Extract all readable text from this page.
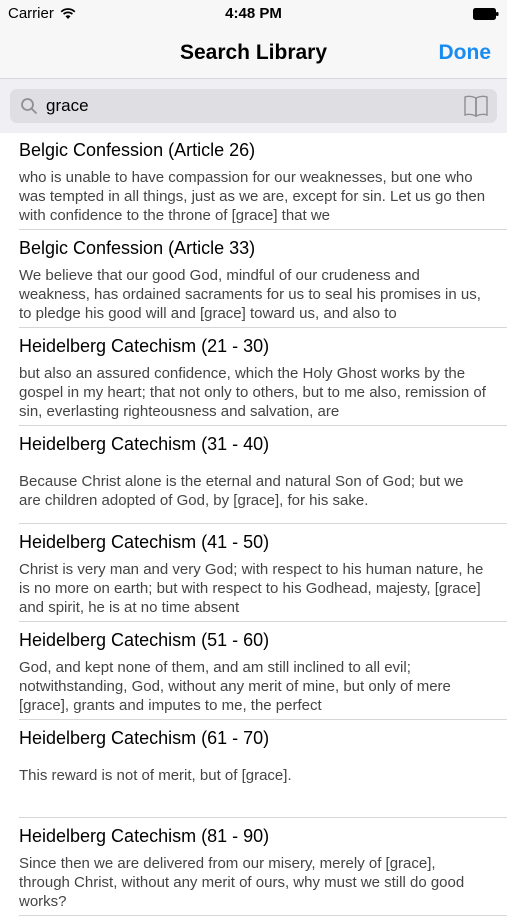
Carrier	4:48 PM
Search Library	Done
grace
Belgic Confession (Article 26)
who is unable to have compassion for our weaknesses, but one who was tempted in all things, just as we are, except for sin. Let us go then with confidence to the throne of [grace] that we
Belgic Confession (Article 33)
We believe that our good God, mindful of our crudeness and weakness, has ordained sacraments for us to seal his promises in us, to pledge his good will and [grace] toward us, and also to
Heidelberg Catechism (21 - 30)
but also an assured confidence, which the Holy Ghost works by the gospel in my heart; that not only to others, but to me also, remission of sin, everlasting righteousness and salvation, are
Heidelberg Catechism (31 - 40)
Because Christ alone is the eternal and natural Son of God; but we are children adopted of God, by [grace], for his sake.
Heidelberg Catechism (41 - 50)
Christ is very man and very God; with respect to his human nature, he is no more on earth; but with respect to his Godhead, majesty, [grace] and spirit, he is at no time absent
Heidelberg Catechism (51 - 60)
God, and kept none of them, and am still inclined to all evil; notwithstanding, God, without any merit of mine, but only of mere [grace], grants and imputes to me, the perfect
Heidelberg Catechism (61 - 70)
This reward is not of merit, but of [grace].
Heidelberg Catechism (81 - 90)
Since then we are delivered from our misery, merely of [grace], through Christ, without any merit of ours, why must we still do good works?
